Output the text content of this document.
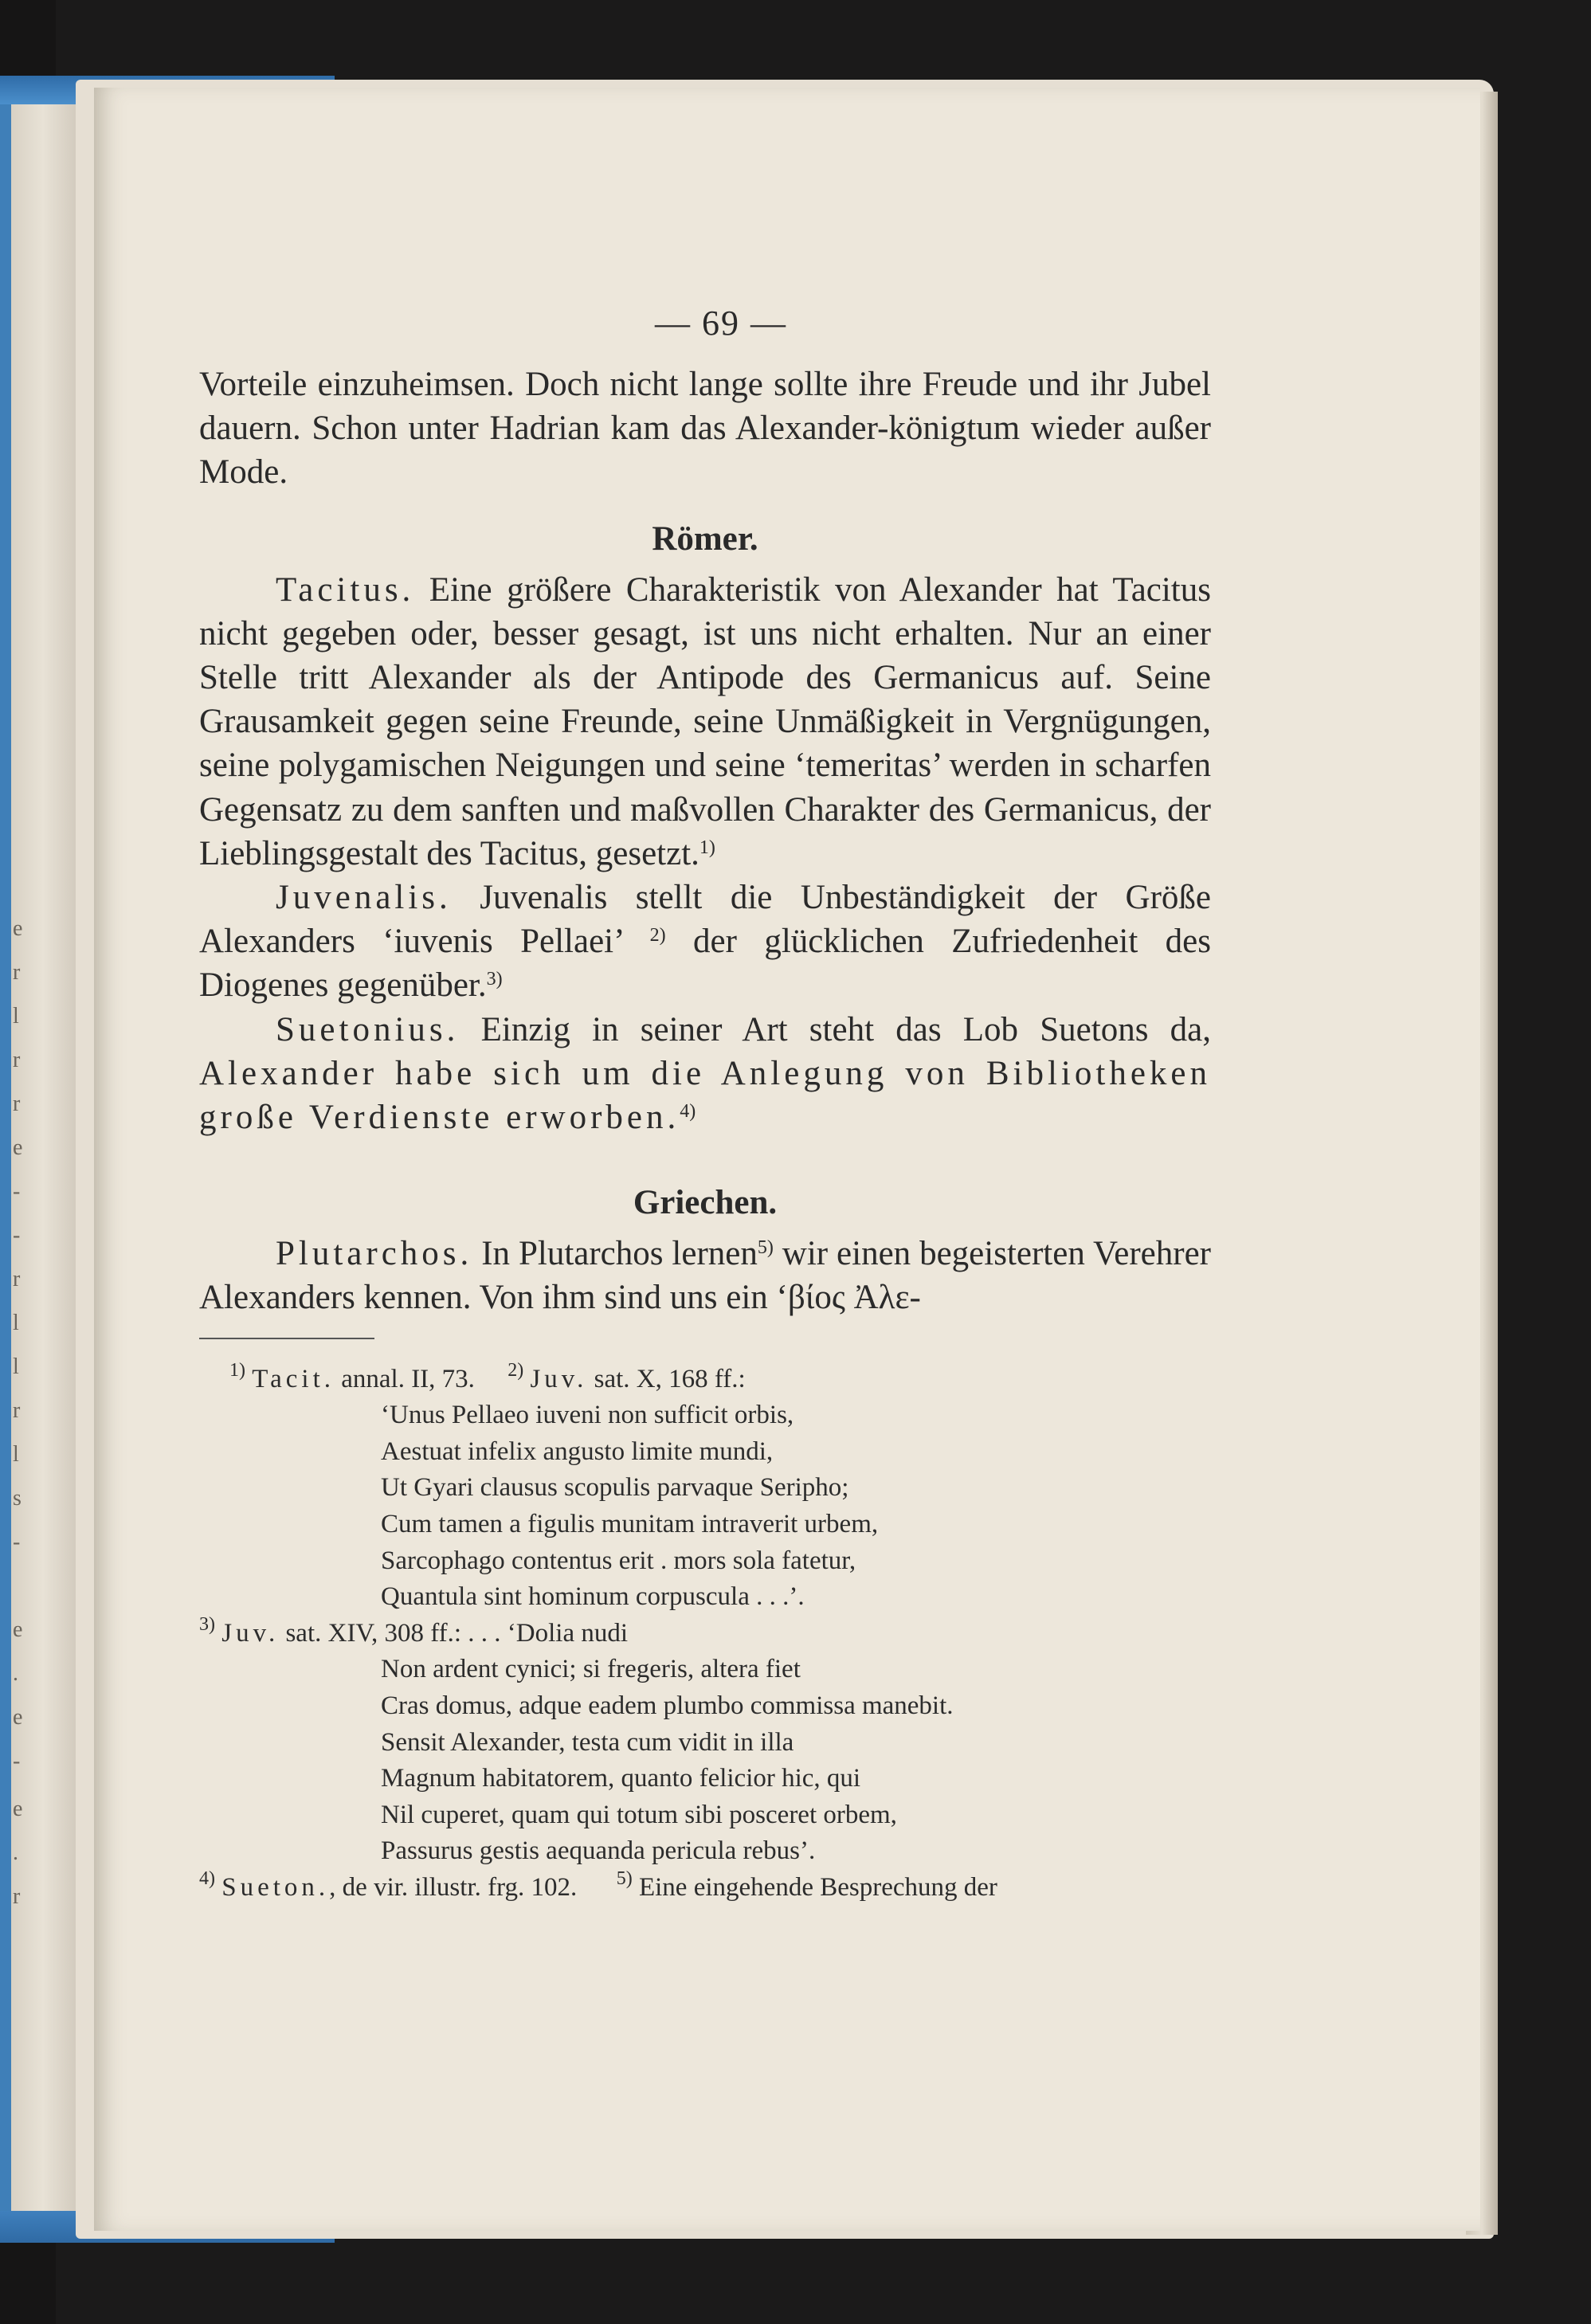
e
r
l
r
r
e
-
-
r
l
l
r
l
s
-
e
.
e
-
e
.
r
— 69 —

Vorteile einzuheimsen. Doch nicht lange sollte ihre Freude und ihr Jubel dauern. Schon unter Hadrian kam das Alexander-königtum wieder außer Mode.

Römer.

Tacitus. Eine größere Charakteristik von Alexander hat Tacitus nicht gegeben oder, besser gesagt, ist uns nicht erhalten. Nur an einer Stelle tritt Alexander als der Antipode des Germanicus auf. Seine Grausamkeit gegen seine Freunde, seine Unmäßigkeit in Vergnügungen, seine polygamischen Neigungen und seine ‘temeritas’ werden in scharfen Gegensatz zu dem sanften und maßvollen Charakter des Germanicus, der Lieblingsgestalt des Tacitus, gesetzt.$^{1)}$

Juvenalis. Juvenalis stellt die Unbeständigkeit der Größe Alexanders ‘iuvenis Pellaei’ $^{2)}$ der glücklichen Zufriedenheit des Diogenes gegenüber.$^{3)}$

Suetonius. Einzig in seiner Art steht das Lob Suetons da, Alexander habe sich um die Anlegung von Bibliotheken große Verdienste erworben.$^{4)}$

Griechen.

Plutarchos. In Plutarchos lernen$^{5)}$ wir einen begeisterten Verehrer Alexanders kennen. Von ihm sind uns ein ‘βίος Ἀλε-

$^{1)}$ Tacit. annal. II, 73. $^{2)}$ Juv. sat. X, 168 ff.:
‘Unus Pellaeo iuveni non sufficit orbis,
Aestuat infelix angusto limite mundi,
Ut Gyari clausus scopulis parvaque Seripho;
Cum tamen a figulis munitam intraverit urbem,
Sarcophago contentus erit . mors sola fatetur,
Quantula sint hominum corpuscula . . .’.
$^{3)}$ Juv. sat. XIV, 308 ff.: . . . ‘Dolia nudi
Non ardent cynici; si fregeris, altera fiet
Cras domus, adque eadem plumbo commissa manebit.
Sensit Alexander, testa cum vidit in illa
Magnum habitatorem, quanto felicior hic, qui
Nil cuperet, quam qui totum sibi posceret orbem,
Passurus gestis aequanda pericula rebus’.
$^{4)}$ Sueton., de vir. illustr. frg. 102. $^{5)}$ Eine eingehende Besprechung der
